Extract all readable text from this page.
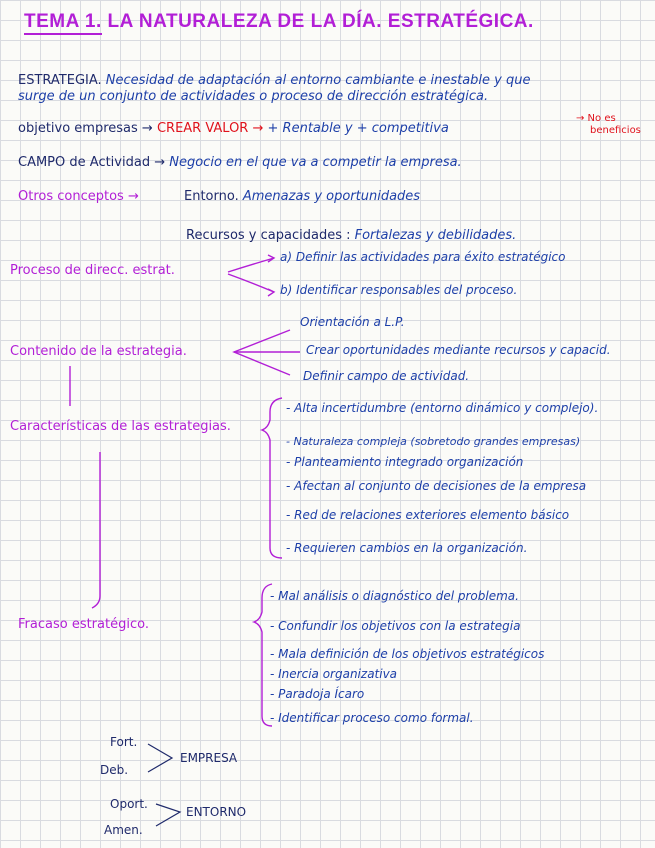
TEMA 1. LA NATURALEZA DE LA DÍA. ESTRATÉGICA.
ESTRATEGIA. Necesidad de adaptación al entorno cambiante e inestable y que
surge de un conjunto de actividades o proceso de dirección estratégica.
objetivo empresas → CREAR VALOR → + Rentable y + competitiva
→ No es
beneficios
CAMPO de Actividad → Negocio en el que va a competir la empresa.
Otros conceptos →	Entorno. Amenazas y oportunidades
Recursos y capacidades : Fortalezas y debilidades.
Proceso de direcc. estrat.
a) Definir las actividades para éxito estratégico
b) Identificar responsables del proceso.
Contenido de la estrategia.
Orientación a L.P.
Crear oportunidades mediante recursos y capacid.
Definir campo de actividad.
Características de las estrategias.
- Alta incertidumbre (entorno dinámico y complejo).
- Naturaleza compleja (sobretodo grandes empresas)
- Planteamiento integrado organización
- Afectan al conjunto de decisiones de la empresa
- Red de relaciones exteriores elemento básico
- Requieren cambios en la organización.
Fracaso estratégico.
- Mal análisis o diagnóstico del problema.
- Confundir los objetivos con la estrategia
- Mala definición de los objetivos estratégicos
- Inercia organizativa
- Paradoja Ícaro
- Identificar proceso como formal.
Fort.
Deb.
EMPRESA
Oport.
Amen.
ENTORNO
